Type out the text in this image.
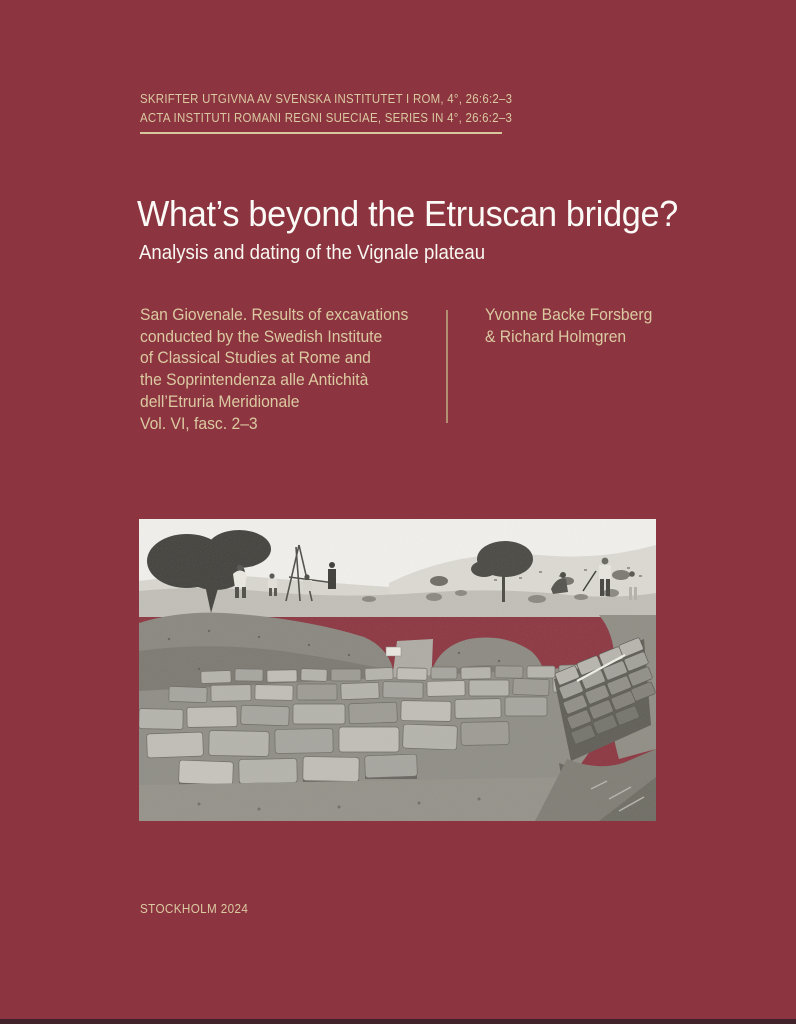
SKRIFTER UTGIVNA AV SVENSKA INSTITUTET I ROM, 4°, 26:6:2–3
ACTA INSTITUTI ROMANI REGNI SUECIAE, SERIES IN 4°, 26:6:2–3
What’s beyond the Etruscan bridge?
Analysis and dating of the Vignale plateau
San Giovenale. Results of excavations
conducted by the Swedish Institute
of Classical Studies at Rome and
the Soprintendenza alle Antichità
dell’Etruria Meridionale
Vol. VI, fasc. 2–3
Yvonne Backe Forsberg
& Richard Holmgren
STOCKHOLM 2024
